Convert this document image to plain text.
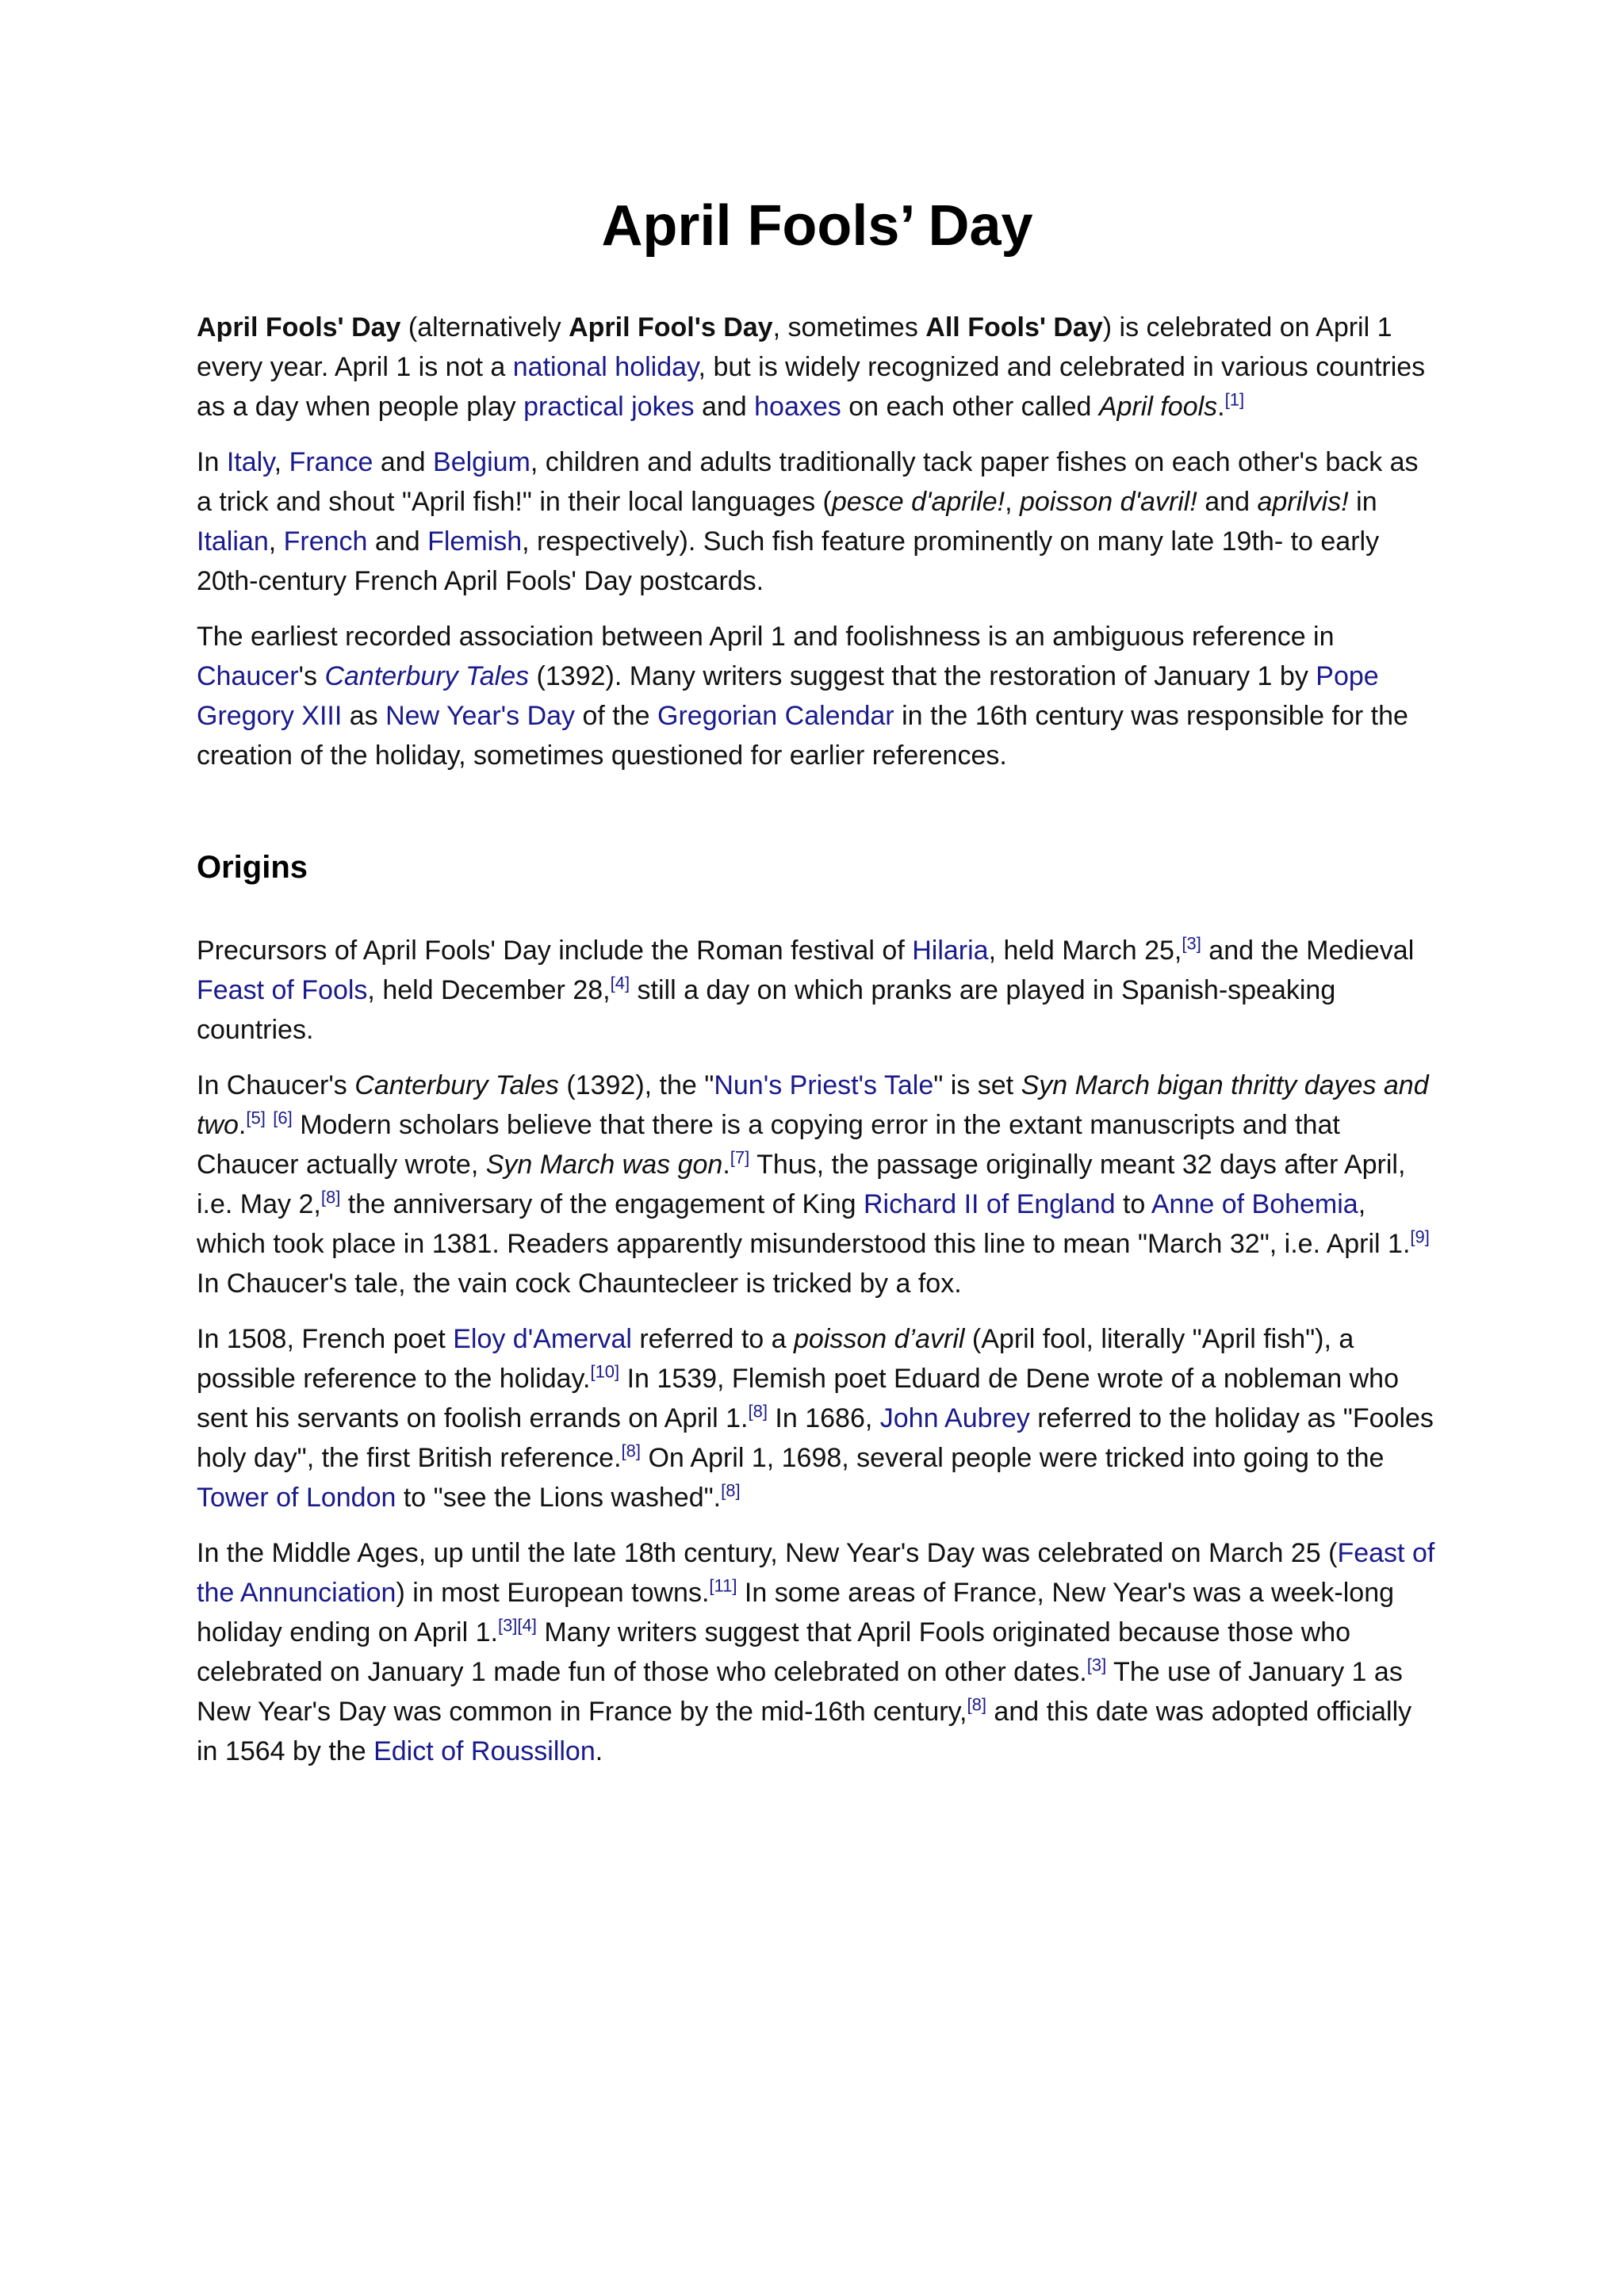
April Fools’ Day

April Fools' Day (alternatively April Fool's Day, sometimes All Fools' Day) is celebrated on April 1 every year. April 1 is not a national holiday, but is widely recognized and celebrated in various countries as a day when people play practical jokes and hoaxes on each other called April fools.[1]

In Italy, France and Belgium, children and adults traditionally tack paper fishes on each other's back as a trick and shout "April fish!" in their local languages (pesce d'aprile!, poisson d'avril! and aprilvis! in Italian, French and Flemish, respectively). Such fish feature prominently on many late 19th- to early 20th-century French April Fools' Day postcards.

The earliest recorded association between April 1 and foolishness is an ambiguous reference in Chaucer's Canterbury Tales (1392). Many writers suggest that the restoration of January 1 by Pope Gregory XIII as New Year's Day of the Gregorian Calendar in the 16th century was responsible for the creation of the holiday, sometimes questioned for earlier references.

Origins

Precursors of April Fools' Day include the Roman festival of Hilaria, held March 25,[3] and the Medieval Feast of Fools, held December 28,[4] still a day on which pranks are played in Spanish-speaking countries.

In Chaucer's Canterbury Tales (1392), the "Nun's Priest's Tale" is set Syn March bigan thritty dayes and two.[5] [6] Modern scholars believe that there is a copying error in the extant manuscripts and that Chaucer actually wrote, Syn March was gon.[7] Thus, the passage originally meant 32 days after April, i.e. May 2,[8] the anniversary of the engagement of King Richard II of England to Anne of Bohemia, which took place in 1381. Readers apparently misunderstood this line to mean "March 32", i.e. April 1.[9] In Chaucer's tale, the vain cock Chauntecleer is tricked by a fox.

In 1508, French poet Eloy d'Amerval referred to a poisson d’avril (April fool, literally "April fish"), a possible reference to the holiday.[10] In 1539, Flemish poet Eduard de Dene wrote of a nobleman who sent his servants on foolish errands on April 1.[8] In 1686, John Aubrey referred to the holiday as "Fooles holy day", the first British reference.[8] On April 1, 1698, several people were tricked into going to the Tower of London to "see the Lions washed".[8]

In the Middle Ages, up until the late 18th century, New Year's Day was celebrated on March 25 (Feast of the Annunciation) in most European towns.[11] In some areas of France, New Year's was a week-long holiday ending on April 1.[3][4] Many writers suggest that April Fools originated because those who celebrated on January 1 made fun of those who celebrated on other dates.[3] The use of January 1 as New Year's Day was common in France by the mid-16th century,[8] and this date was adopted officially in 1564 by the Edict of Roussillon.
